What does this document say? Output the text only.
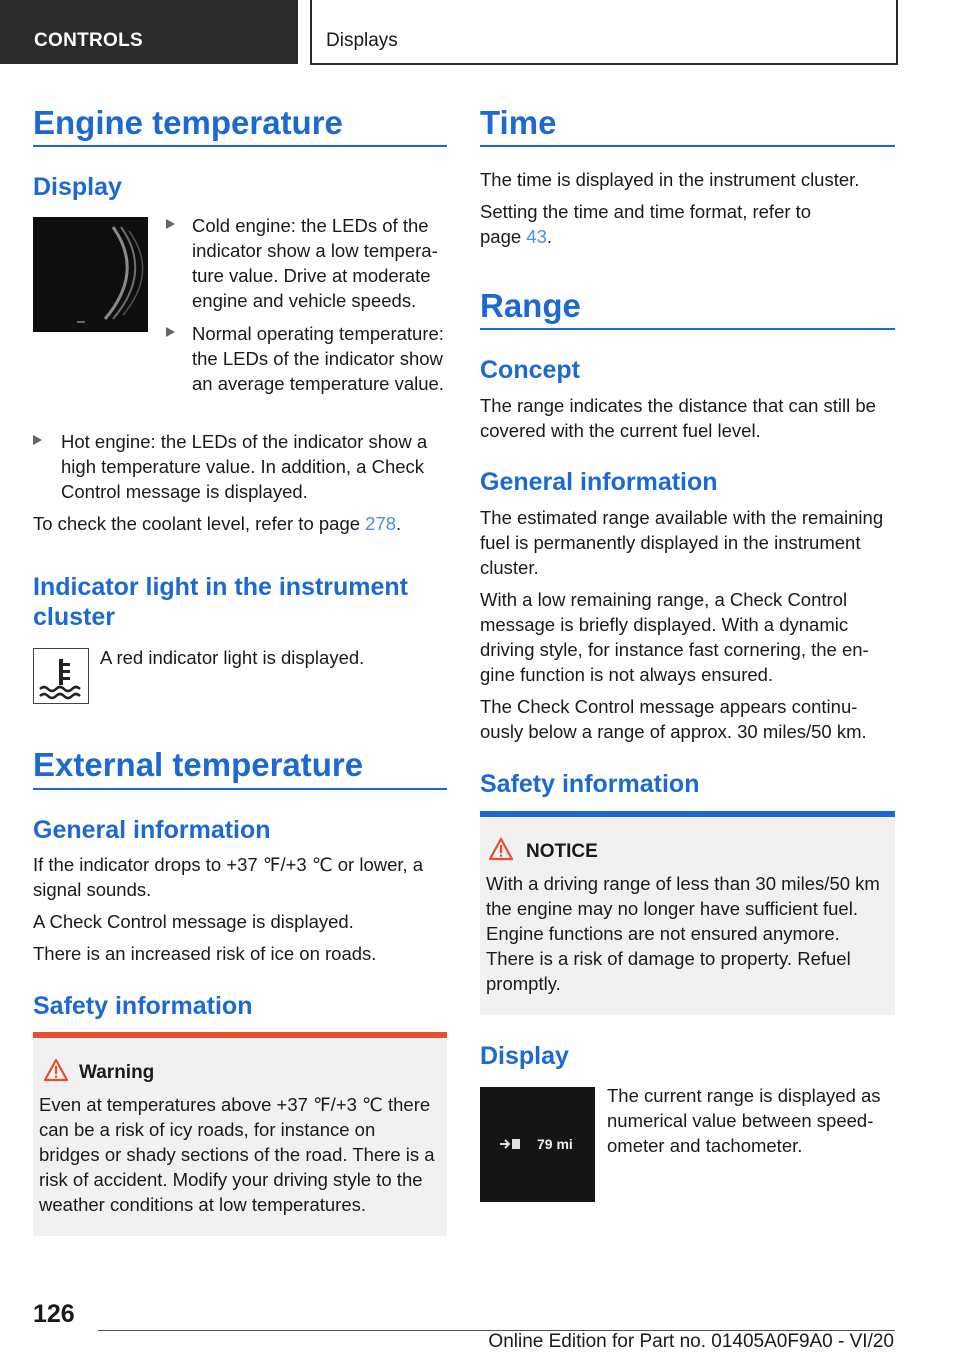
CONTROLS	Displays
Engine temperature
Display
Cold engine: the LEDs of the indicator show a low temperature value. Drive at moderate engine and vehicle speeds.
Normal operating temperature: the LEDs of the indicator show an average temperature value.
Hot engine: the LEDs of the indicator show a high temperature value. In addition, a Check Control message is displayed.

To check the coolant level, refer to page 278.

Indicator light in the instrument cluster

A red indicator light is displayed.

External temperature
General information

If the indicator drops to +37 ℉/+3 ℃ or lower, a signal sounds.

A Check Control message is displayed.

There is an increased risk of ice on roads.

Safety information
Warning
Even at temperatures above +37 ℉/+3 ℃ there can be a risk of icy roads, for instance on bridges or shady sections of the road. There is a risk of accident. Modify your driving style to the weather conditions at low temperatures.
Time

The time is displayed in the instrument cluster.

Setting the time and time format, refer to page 43.

Range
Concept

The range indicates the distance that can still be covered with the current fuel level.

General information

The estimated range available with the remaining fuel is permanently displayed in the instrument cluster.

With a low remaining range, a Check Control message is briefly displayed. With a dynamic driving style, for instance fast cornering, the engine function is not always ensured.

The Check Control message appears continuously below a range of approx. 30 miles/50 km.

Safety information
NOTICE
With a driving range of less than 30 miles/50 km the engine may no longer have sufficient fuel. Engine functions are not ensured anymore. There is a risk of damage to property. Refuel promptly.
Display
79 mi

The current range is displayed as numerical value between speedometer and tachometer.

126
Online Edition for Part no. 01405A0F9A0 - VI/20
